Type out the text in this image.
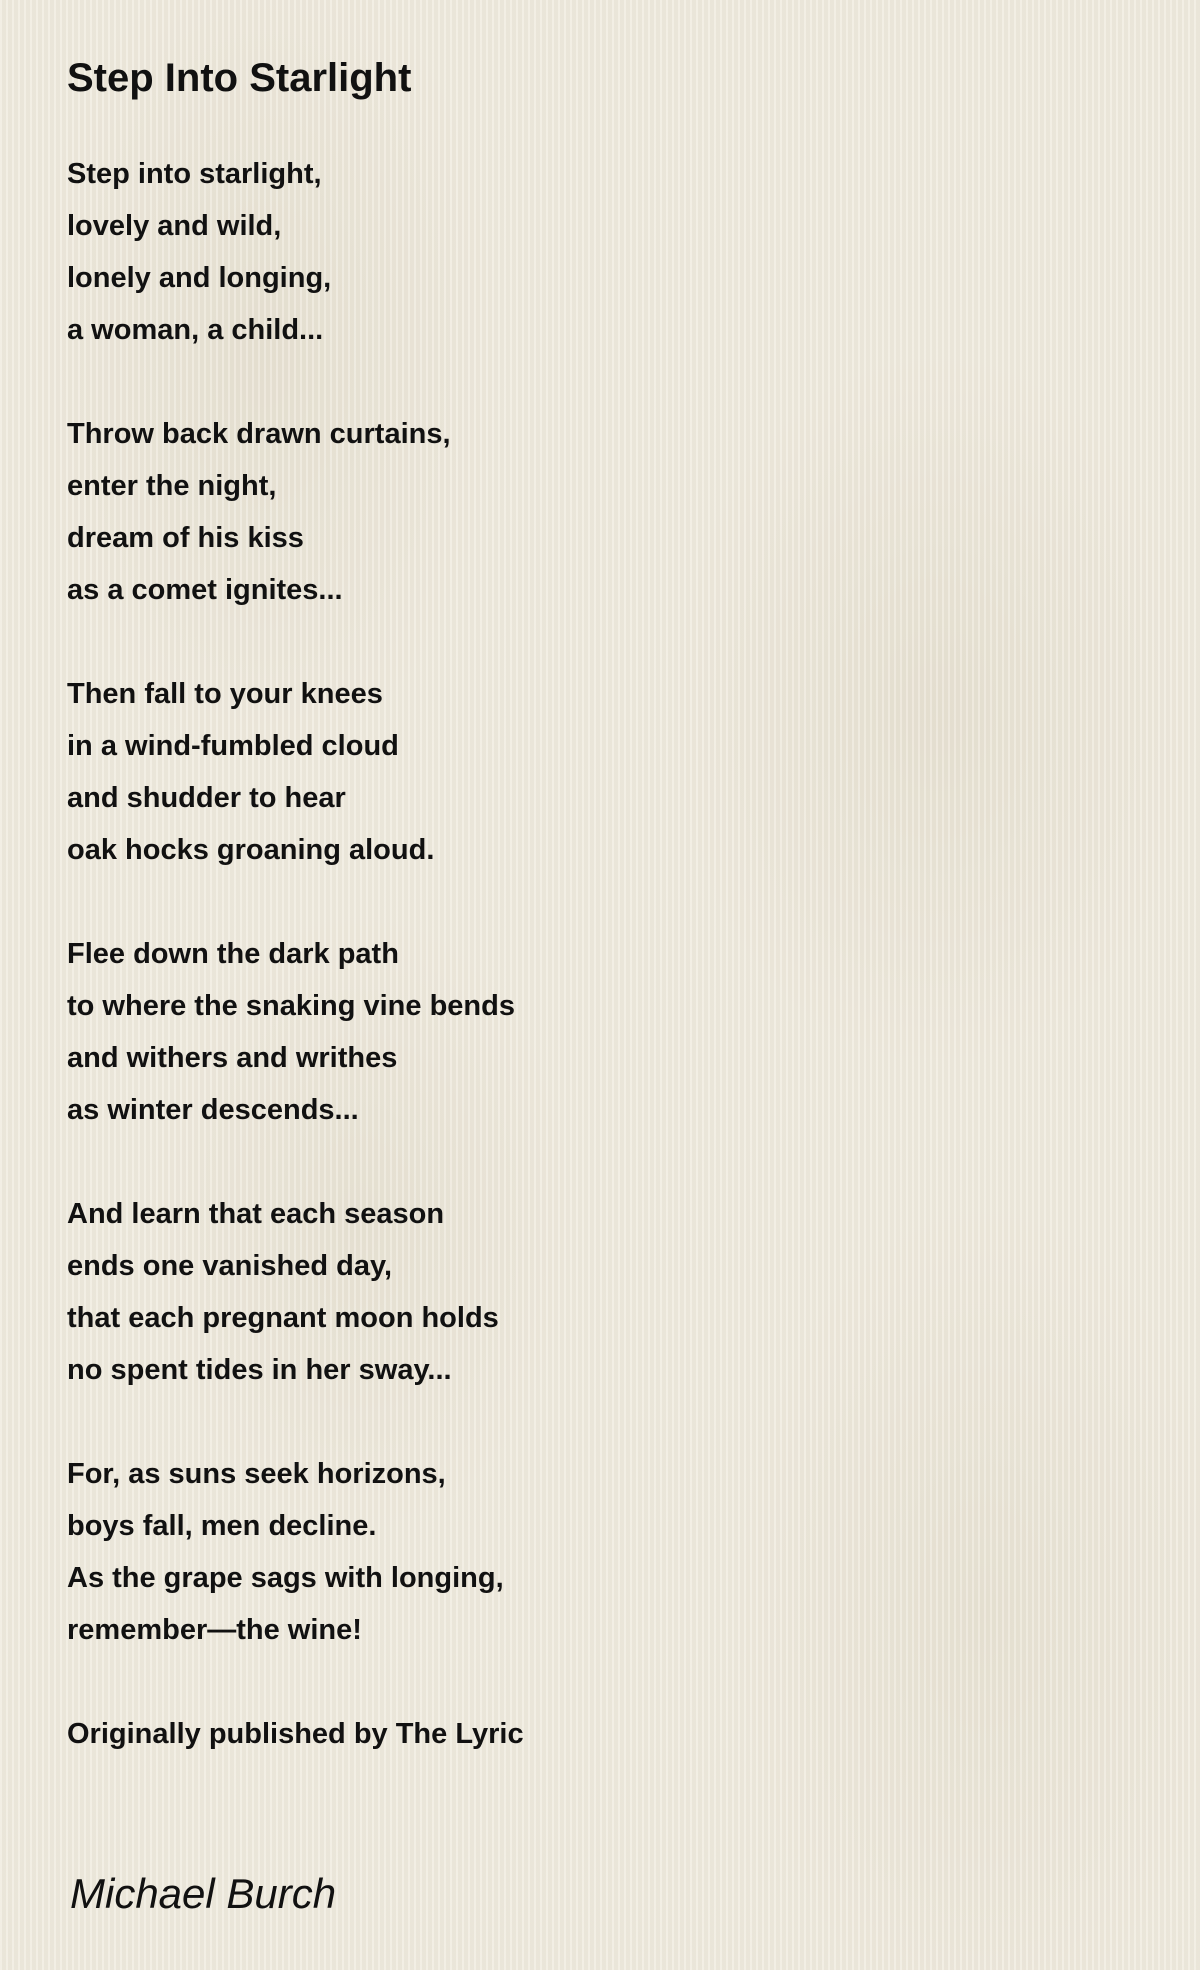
Step Into Starlight
Step into starlight,
lovely and wild,
lonely and longing,
a woman, a child...
Throw back drawn curtains,
enter the night,
dream of his kiss
as a comet ignites...
Then fall to your knees
in a wind-fumbled cloud
and shudder to hear
oak hocks groaning aloud.
Flee down the dark path
to where the snaking vine bends
and withers and writhes
as winter descends...
And learn that each season
ends one vanished day,
that each pregnant moon holds
no spent tides in her sway...
For, as suns seek horizons,
boys fall, men decline.
As the grape sags with longing,
remember—the wine!

Originally published by The Lyric

Michael Burch
